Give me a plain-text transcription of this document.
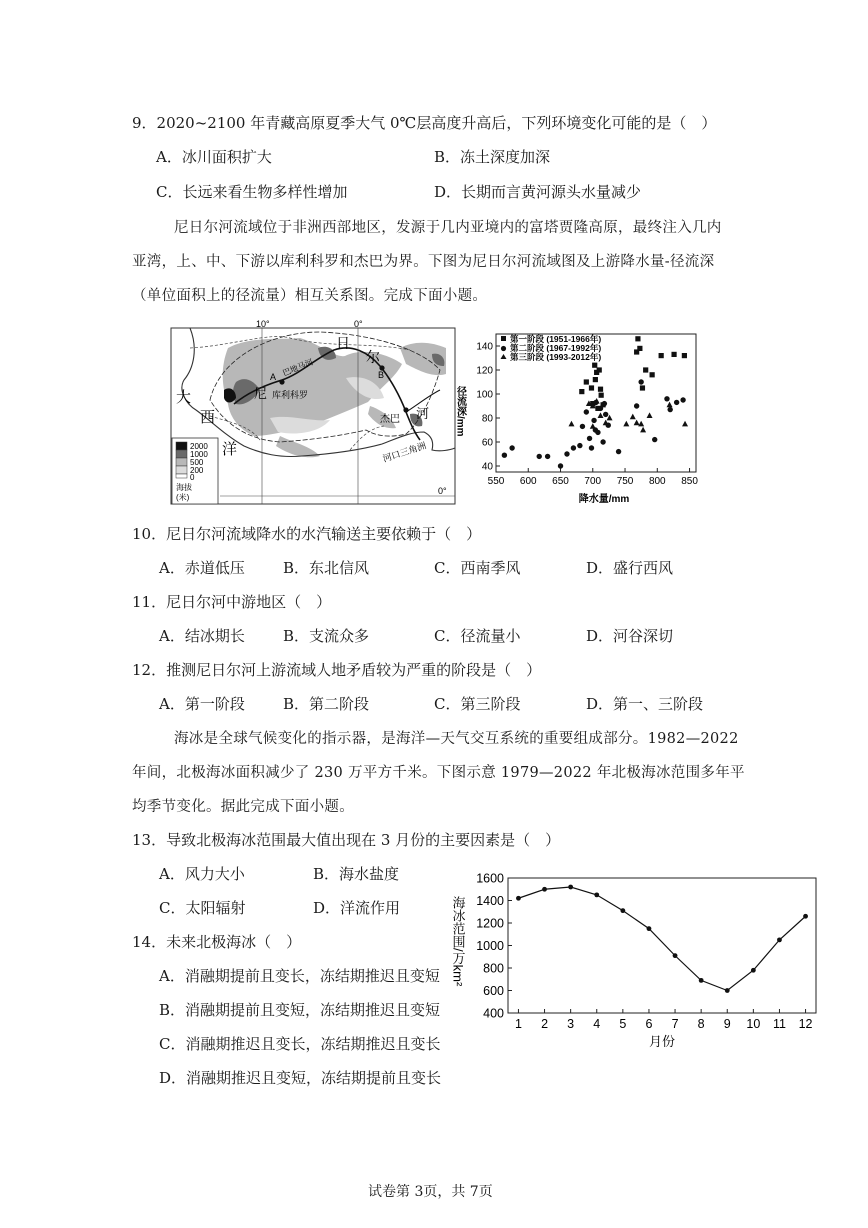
9．2020~2100 年青藏高原夏季大气 0℃层高度升高后，下列环境变化可能的是（　）
A．冰川面积扩大	B．冻土深度加深
C．长远来看生物多样性增加	D．长期而言黄河源头水量减少
尼日尔河流域位于非洲西部地区，发源于几内亚境内的富塔贾隆高原，最终注入几内
亚湾，上、中、下游以库利科罗和杰巴为界。下图为尼日尔河流域图及上游降水量-径流深
（单位面积上的径流量）相互关系图。完成下面小题。
10°	0°
0°
日
尔
尼
河
巴地马河
大
西
洋
A
库利科罗
B
杰巴
河口三角洲
2000
1000
500
200
0
海拔
(米)
40
60
80
100
120
140
550 600 650 700 750 800 850
第一阶段 (1951-1966年)
第二阶段 (1967-1992年)
第三阶段 (1993-2012年)
降水量/mm
径流深/mm
10．尼日尔河流域降水的水汽输送主要依赖于（　）
A．赤道低压	B．东北信风	C．西南季风	D．盛行西风
11．尼日尔河中游地区（　）
A．结冰期长	B．支流众多	C．径流量小	D．河谷深切
12．推测尼日尔河上游流域人地矛盾较为严重的阶段是（　）
A．第一阶段	B．第二阶段	C．第三阶段	D．第一、三阶段
海冰是全球气候变化的指示器，是海洋—天气交互系统的重要组成部分。1982—2022
年间，北极海冰面积减少了 230 万平方千米。下图示意 1979—2022 年北极海冰范围多年平
均季节变化。据此完成下面小题。
13．导致北极海冰范围最大值出现在 3 月份的主要因素是（　）
A．风力大小	B．海水盐度
C．太阳辐射	D．洋流作用
14．未来北极海冰（　）
A．消融期提前且变长，冻结期推迟且变短
B．消融期提前且变短，冻结期推迟且变短
C．消融期推迟且变长，冻结期推迟且变长
D．消融期推迟且变短，冻结期提前且变长
400
600
800
1000
1200
1400
1600
1 2 3 4 5 6 7 8 9 10 11 12
月份
海冰范围/万km²
试卷第 3页，共 7页
